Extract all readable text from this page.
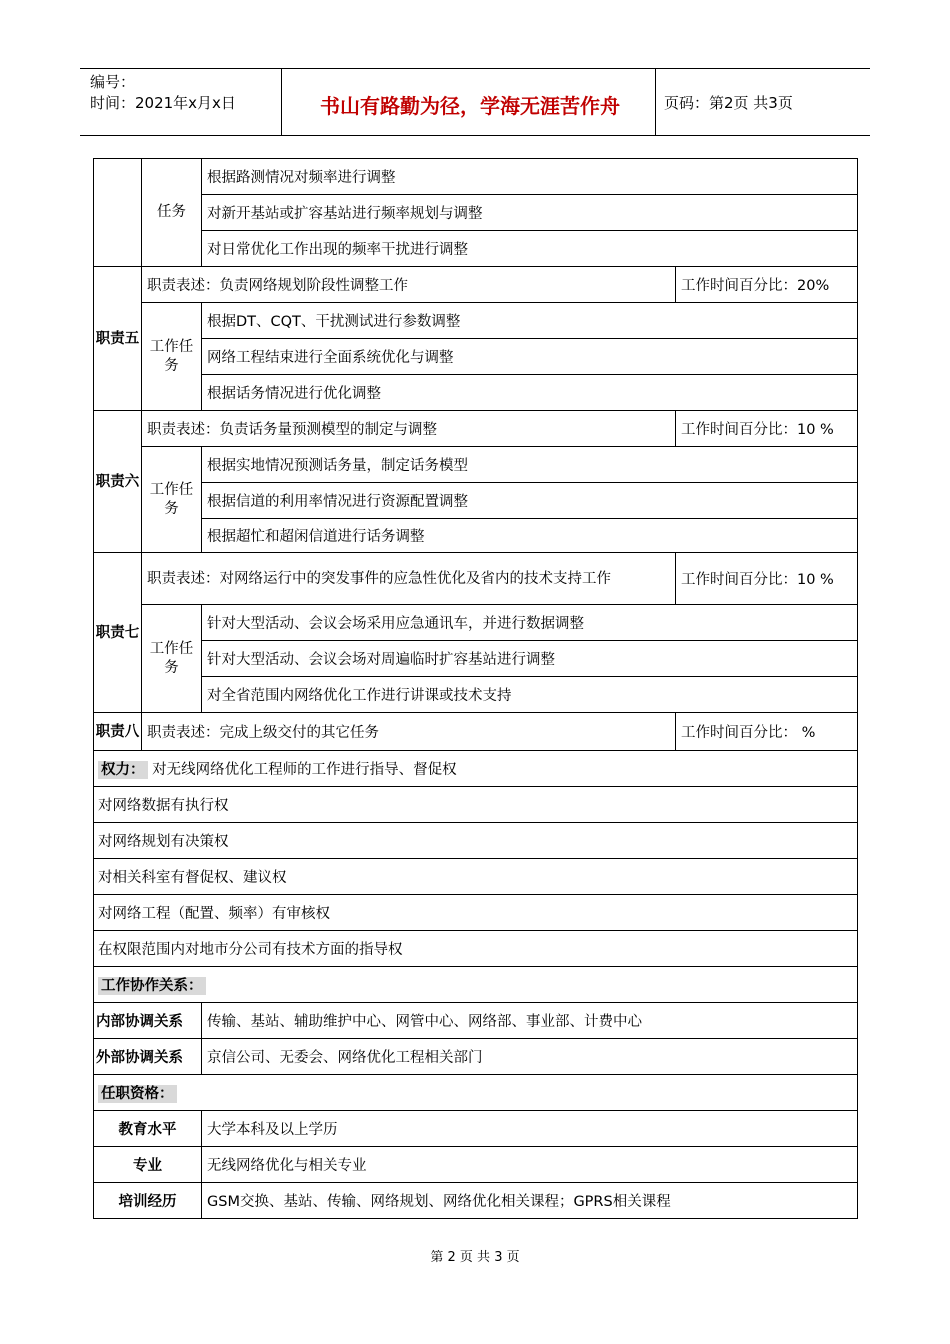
编号：
时间：2021年x月x日	书山有路勤为径，学海无涯苦作舟	页码：第2页 共3页
	任务	根据路测情况对频率进行调整	
		对新开基站或扩容基站进行频率规划与调整	
		对日常优化工作出现的频率干扰进行调整	
职责五	职责表述：负责网络规划阶段性调整工作		工作时间百分比：20%
	工作任务	根据DT、CQT、干扰测试进行参数调整	
		网络工程结束进行全面系统优化与调整	
		根据话务情况进行优化调整	
职责六	职责表述：负责话务量预测模型的制定与调整		工作时间百分比：10 %
	工作任务	根据实地情况预测话务量，制定话务模型	
		根据信道的利用率情况进行资源配置调整	
		根据超忙和超闲信道进行话务调整	
职责七	职责表述：对网络运行中的突发事件的应急性优化及省内的技术支持工作		工作时间百分比：10 %
	工作任务	针对大型活动、会议会场采用应急通讯车，并进行数据调整	
		针对大型活动、会议会场对周遍临时扩容基站进行调整	
		对全省范围内网络优化工作进行讲课或技术支持	
职责八	职责表述：完成上级交付的其它任务		工作时间百分比： %
权力： 对无线网络优化工程师的工作进行指导、督促权			
对网络数据有执行权			
对网络规划有决策权			
对相关科室有督促权、建议权			
对网络工程（配置、频率）有审核权			
在权限范围内对地市分公司有技术方面的指导权			
工作协作关系：			
内部协调关系		传输、基站、辅助维护中心、网管中心、网络部、事业部、计费中心	
外部协调关系		京信公司、无委会、网络优化工程相关部门	
任职资格：			
教育水平		大学本科及以上学历	
专业		无线网络优化与相关专业	
培训经历		GSM交换、基站、传输、网络规划、网络优化相关课程；GPRS相关课程	
第 2 页 共 3 页
